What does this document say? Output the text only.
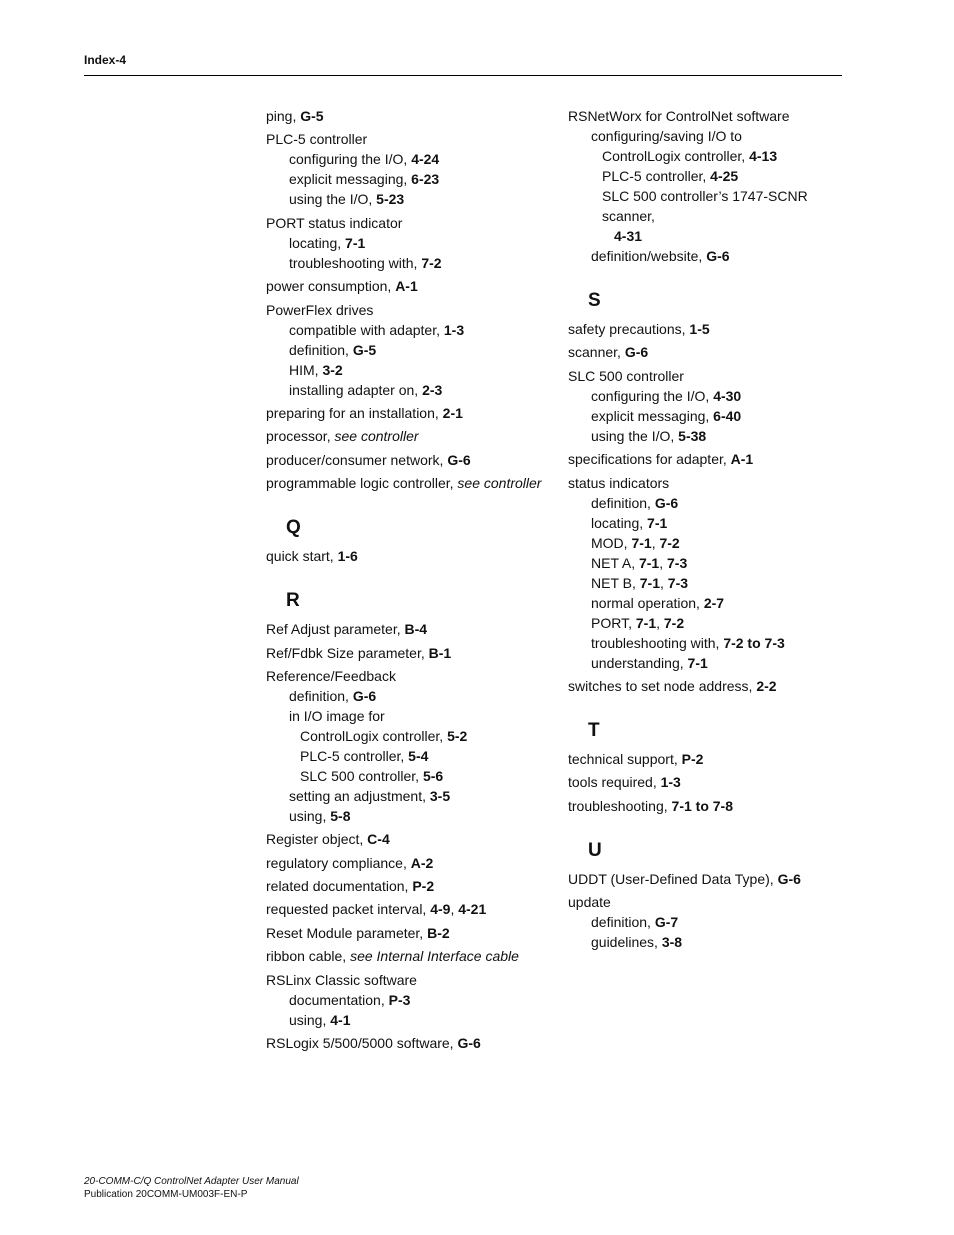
Index-4
ping, G-5
PLC-5 controller
configuring the I/O, 4-24
explicit messaging, 6-23
using the I/O, 5-23
PORT status indicator
locating, 7-1
troubleshooting with, 7-2
power consumption, A-1
PowerFlex drives
compatible with adapter, 1-3
definition, G-5
HIM, 3-2
installing adapter on, 2-3
preparing for an installation, 2-1
processor, see controller
producer/consumer network, G-6
programmable logic controller, see controller
Q
quick start, 1-6
R
Ref Adjust parameter, B-4
Ref/Fdbk Size parameter, B-1
Reference/Feedback
definition, G-6
in I/O image for
ControlLogix controller, 5-2
PLC-5 controller, 5-4
SLC 500 controller, 5-6
setting an adjustment, 3-5
using, 5-8
Register object, C-4
regulatory compliance, A-2
related documentation, P-2
requested packet interval, 4-9, 4-21
Reset Module parameter, B-2
ribbon cable, see Internal Interface cable
RSLinx Classic software
documentation, P-3
using, 4-1
RSLogix 5/500/5000 software, G-6
RSNetWorx for ControlNet software
configuring/saving I/O to
ControlLogix controller, 4-13
PLC-5 controller, 4-25
SLC 500 controller’s 1747-SCNR scanner,
4-31
definition/website, G-6
S
safety precautions, 1-5
scanner, G-6
SLC 500 controller
configuring the I/O, 4-30
explicit messaging, 6-40
using the I/O, 5-38
specifications for adapter, A-1
status indicators
definition, G-6
locating, 7-1
MOD, 7-1, 7-2
NET A, 7-1, 7-3
NET B, 7-1, 7-3
normal operation, 2-7
PORT, 7-1, 7-2
troubleshooting with, 7-2 to 7-3
understanding, 7-1
switches to set node address, 2-2
T
technical support, P-2
tools required, 1-3
troubleshooting, 7-1 to 7-8
U
UDDT (User-Defined Data Type), G-6
update
definition, G-7
guidelines, 3-8
20-COMM-C/Q ControlNet Adapter User Manual
Publication 20COMM-UM003F-EN-P
